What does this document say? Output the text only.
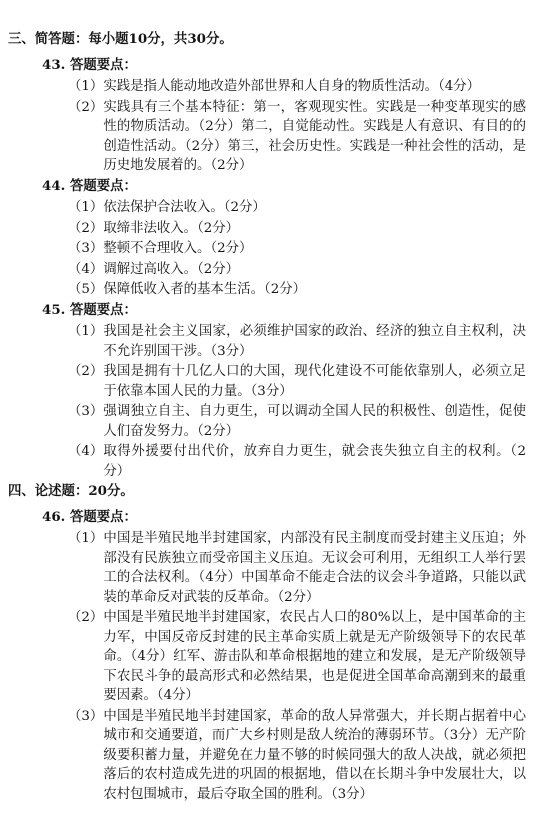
三、简答题：每小题10分，共30分。
43. 答题要点：
（1） 实践是指人能动地改造外部世界和人自身的物质性活动。（4分）
（2） 实践具有三个基本特征：第一，客观现实性。实践是一种变革现实的感性的物质活动。（2分）第二，自觉能动性。实践是人有意识、有目的的创造性活动。（2分）第三，社会历史性。实践是一种社会性的活动，是历史地发展着的。（2分）
44. 答题要点：
（1） 依法保护合法收入。（2分）
（2） 取缔非法收入。（2分）
（3） 整顿不合理收入。（2分）
（4） 调解过高收入。（2分）
（5） 保障低收入者的基本生活。（2分）
45. 答题要点：
（1） 我国是社会主义国家，必须维护国家的政治、经济的独立自主权利，决不允许别国干涉。（3分）
（2） 我国是拥有十几亿人口的大国，现代化建设不可能依靠别人，必须立足于依靠本国人民的力量。（3分）
（3） 强调独立自主、自力更生，可以调动全国人民的积极性、创造性，促使人们奋发努力。（2分）
（4） 取得外援要付出代价，放弃自力更生，就会丧失独立自主的权利。（2分）
四、论述题：20分。
46. 答题要点：
（1） 中国是半殖民地半封建国家，内部没有民主制度而受封建主义压迫；外部没有民族独立而受帝国主义压迫。无议会可利用，无组织工人举行罢工的合法权利。（4分）中国革命不能走合法的议会斗争道路，只能以武装的革命反对武装的反革命。（2分）
（2） 中国是半殖民地半封建国家，农民占人口的80%以上，是中国革命的主力军，中国反帝反封建的民主革命实质上就是无产阶级领导下的农民革命。（4分）红军、游击队和革命根据地的建立和发展，是无产阶级领导下农民斗争的最高形式和必然结果，也是促进全国革命高潮到来的最重要因素。（4分）
（3） 中国是半殖民地半封建国家，革命的敌人异常强大，并长期占据着中心城市和交通要道，而广大乡村则是敌人统治的薄弱环节。（3分）无产阶级要积蓄力量，并避免在力量不够的时候同强大的敌人决战，就必须把落后的农村造成先进的巩固的根据地，借以在长期斗争中发展壮大，以农村包围城市，最后夺取全国的胜利。（3分）
